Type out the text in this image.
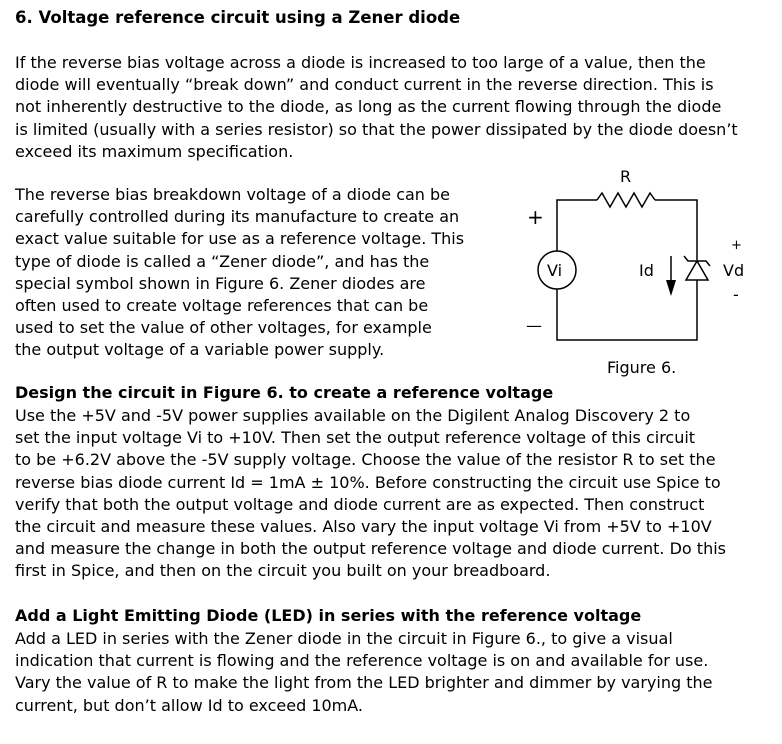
6. Voltage reference circuit using a Zener diode
If the reverse bias voltage across a diode is increased to too large of a value, then the
diode will eventually “break down” and conduct current in the reverse direction. This is
not inherently destructive to the diode, as long as the current flowing through the diode
is limited (usually with a series resistor) so that the power dissipated by the diode doesn’t
exceed its maximum specification.
The reverse bias breakdown voltage of a diode can be
carefully controlled during its manufacture to create an
exact value suitable for use as a reference voltage. This
type of diode is called a “Zener diode”, and has the
special symbol shown in Figure 6. Zener diodes are
often used to create voltage references that can be
used to set the value of other voltages, for example
the output voltage of a variable power supply.
R
+
Vi
—
Id
+
Vd
-
Figure 6.
Design the circuit in Figure 6. to create a reference voltage
Use the +5V and -5V power supplies available on the Digilent Analog Discovery 2 to
set the input voltage Vi to +10V. Then set the output reference voltage of this circuit
to be +6.2V above the -5V supply voltage. Choose the value of the resistor R to set the
reverse bias diode current Id = 1mA ± 10%. Before constructing the circuit use Spice to
verify that both the output voltage and diode current are as expected. Then construct
the circuit and measure these values. Also vary the input voltage Vi from +5V to +10V
and measure the change in both the output reference voltage and diode current. Do this
first in Spice, and then on the circuit you built on your breadboard.
Add a Light Emitting Diode (LED) in series with the reference voltage
Add a LED in series with the Zener diode in the circuit in Figure 6., to give a visual
indication that current is flowing and the reference voltage is on and available for use.
Vary the value of R to make the light from the LED brighter and dimmer by varying the
current, but don’t allow Id to exceed 10mA.
